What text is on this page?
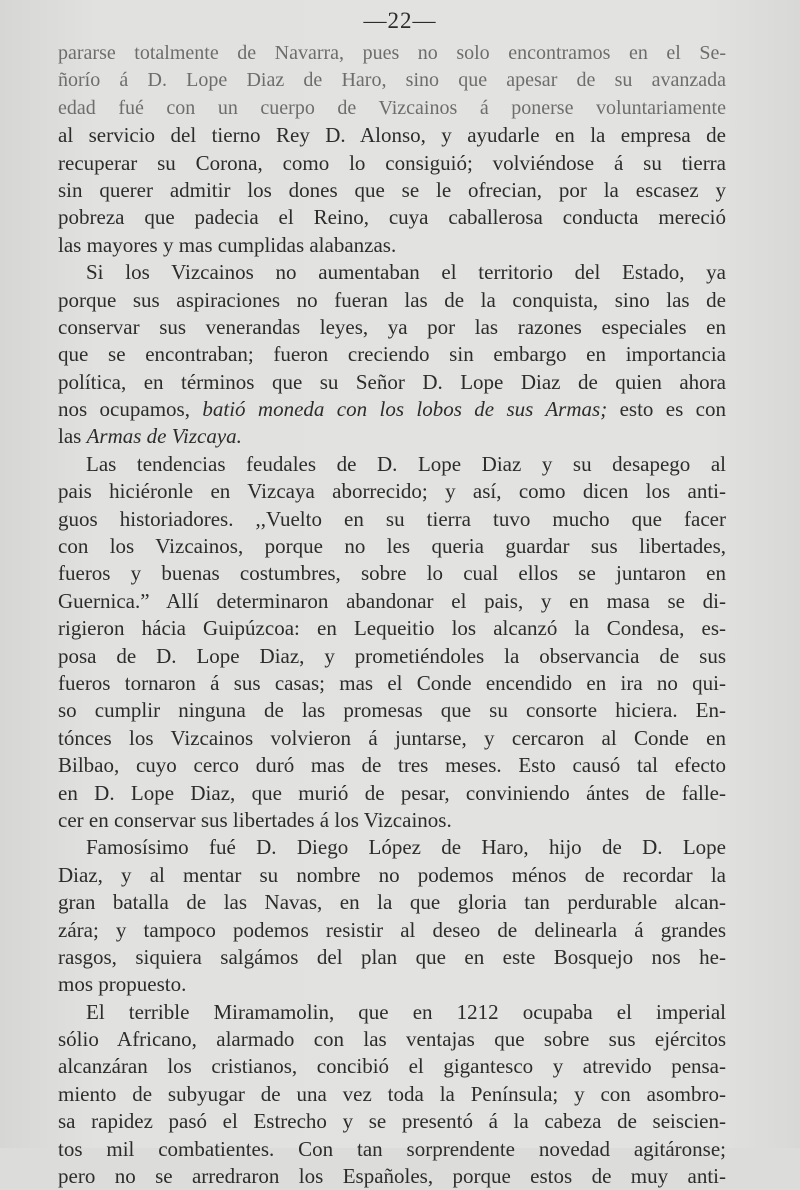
—22—
pararse totalmente de Navarra, pues no solo encontramos en el Se-
ñorío á D. Lope Diaz de Haro, sino que apesar de su avanzada
edad fué con un cuerpo de Vizcainos á ponerse voluntariamente
al servicio del tierno Rey D. Alonso, y ayudarle en la empresa de
recuperar su Corona, como lo consiguió; volviéndose á su tierra
sin querer admitir los dones que se le ofrecian, por la escasez y
pobreza que padecia el Reino, cuya caballerosa conducta mereció
las mayores y mas cumplidas alabanzas.
Si los Vizcainos no aumentaban el territorio del Estado, ya
porque sus aspiraciones no fueran las de la conquista, sino las de
conservar sus venerandas leyes, ya por las razones especiales en
que se encontraban; fueron creciendo sin embargo en importancia
política, en términos que su Señor D. Lope Diaz de quien ahora
nos ocupamos, batió moneda con los lobos de sus Armas; esto es con
las Armas de Vizcaya.
Las tendencias feudales de D. Lope Diaz y su desapego al
pais hiciéronle en Vizcaya aborrecido; y así, como dicen los anti-
guos historiadores. ,,Vuelto en su tierra tuvo mucho que facer
con los Vizcainos, porque no les queria guardar sus libertades,
fueros y buenas costumbres, sobre lo cual ellos se juntaron en
Guernica.” Allí determinaron abandonar el pais, y en masa se di-
rigieron hácia Guipúzcoa: en Lequeitio los alcanzó la Condesa, es-
posa de D. Lope Diaz, y prometiéndoles la observancia de sus
fueros tornaron á sus casas; mas el Conde encendido en ira no qui-
so cumplir ninguna de las promesas que su consorte hiciera. En-
tónces los Vizcainos volvieron á juntarse, y cercaron al Conde en
Bilbao, cuyo cerco duró mas de tres meses. Esto causó tal efecto
en D. Lope Diaz, que murió de pesar, conviniendo ántes de falle-
cer en conservar sus libertades á los Vizcainos.
Famosísimo fué D. Diego López de Haro, hijo de D. Lope
Diaz, y al mentar su nombre no podemos ménos de recordar la
gran batalla de las Navas, en la que gloria tan perdurable alcan-
zára; y tampoco podemos resistir al deseo de delinearla á grandes
rasgos, siquiera salgámos del plan que en este Bosquejo nos he-
mos propuesto.
El terrible Miramamolin, que en 1212 ocupaba el imperial
sólio Africano, alarmado con las ventajas que sobre sus ejércitos
alcanzáran los cristianos, concibió el gigantesco y atrevido pensa-
miento de subyugar de una vez toda la Península; y con asombro-
sa rapidez pasó el Estrecho y se presentó á la cabeza de seiscien-
tos mil combatientes. Con tan sorprendente novedad agitáronse;
pero no se arredraron los Españoles, porque estos de muy anti-
